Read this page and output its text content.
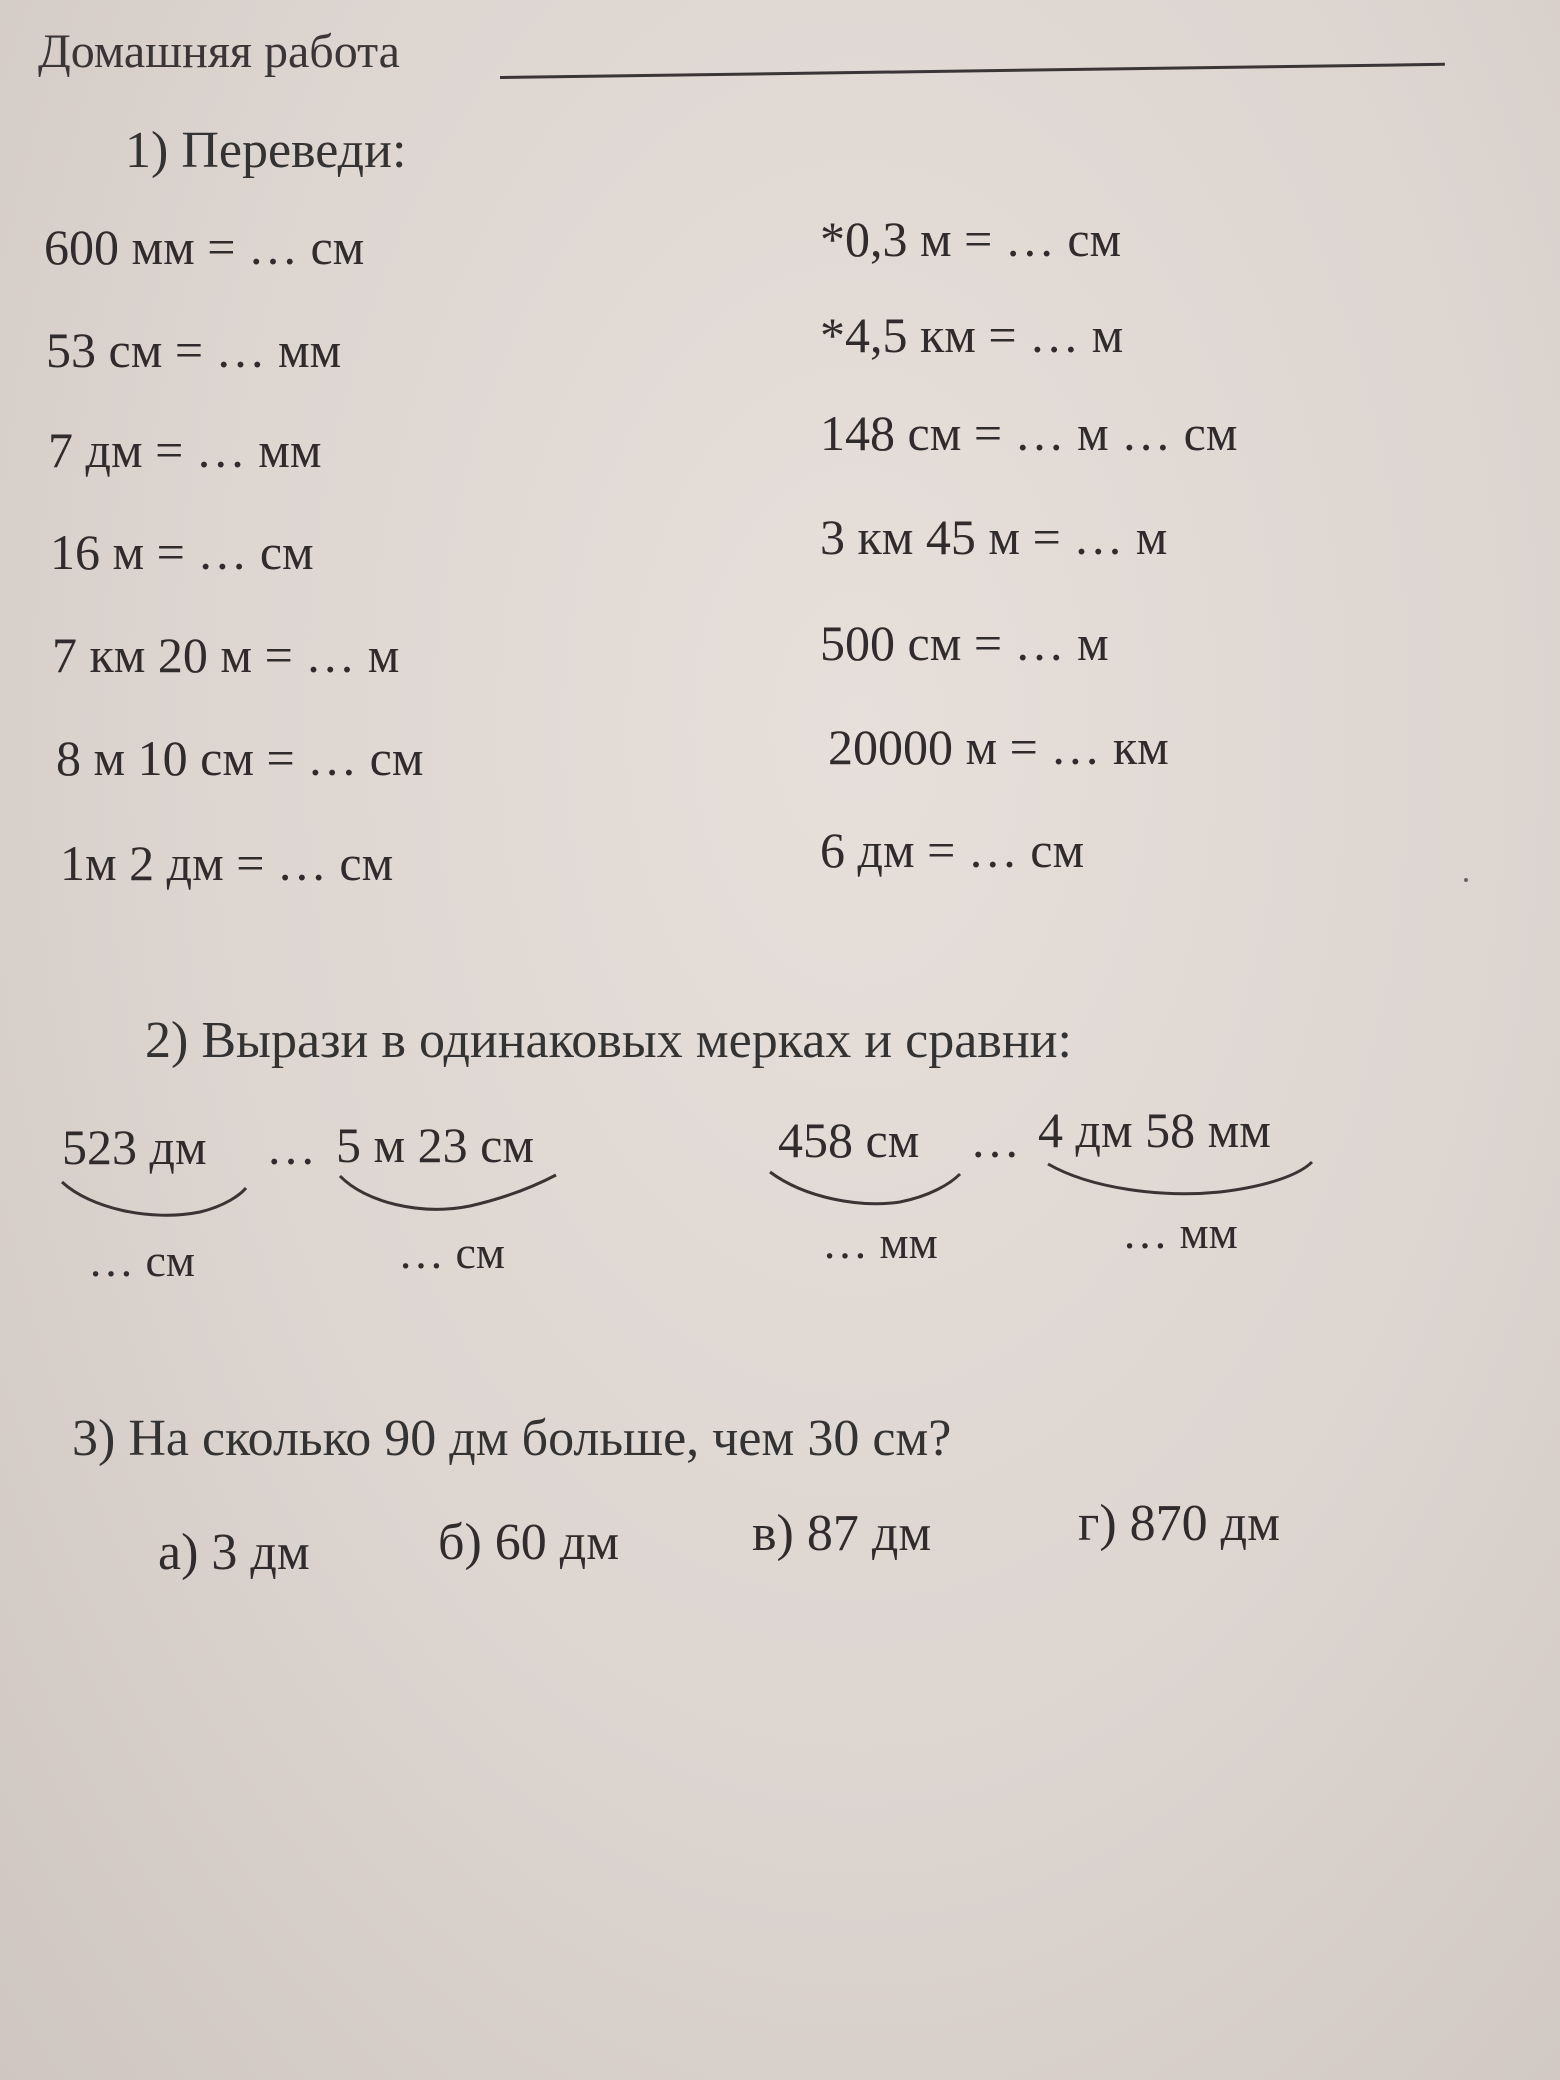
Домашняя работа
1) Переведи:
600 мм = … см
53 см = … мм
7 дм = … мм
16 м = … см
7 км 20 м = … м
8 м 10 см = … см
1м 2 дм = … см
*0,3 м = … см
*4,5 км = … м
148 см = … м … см
3 км 45 м = … м
500 см = … м
20000 м = … км
6 дм = … см
2) Вырази в одинаковых мерках и сравни:
523 дм … 5 м 23 см
… см	… см
458 см … 4 дм 58 мм
… мм	… мм
3) На сколько 90 дм больше, чем 30 см?
а) 3 дм б) 60 дм	в) 87 дм	г) 870 дм
